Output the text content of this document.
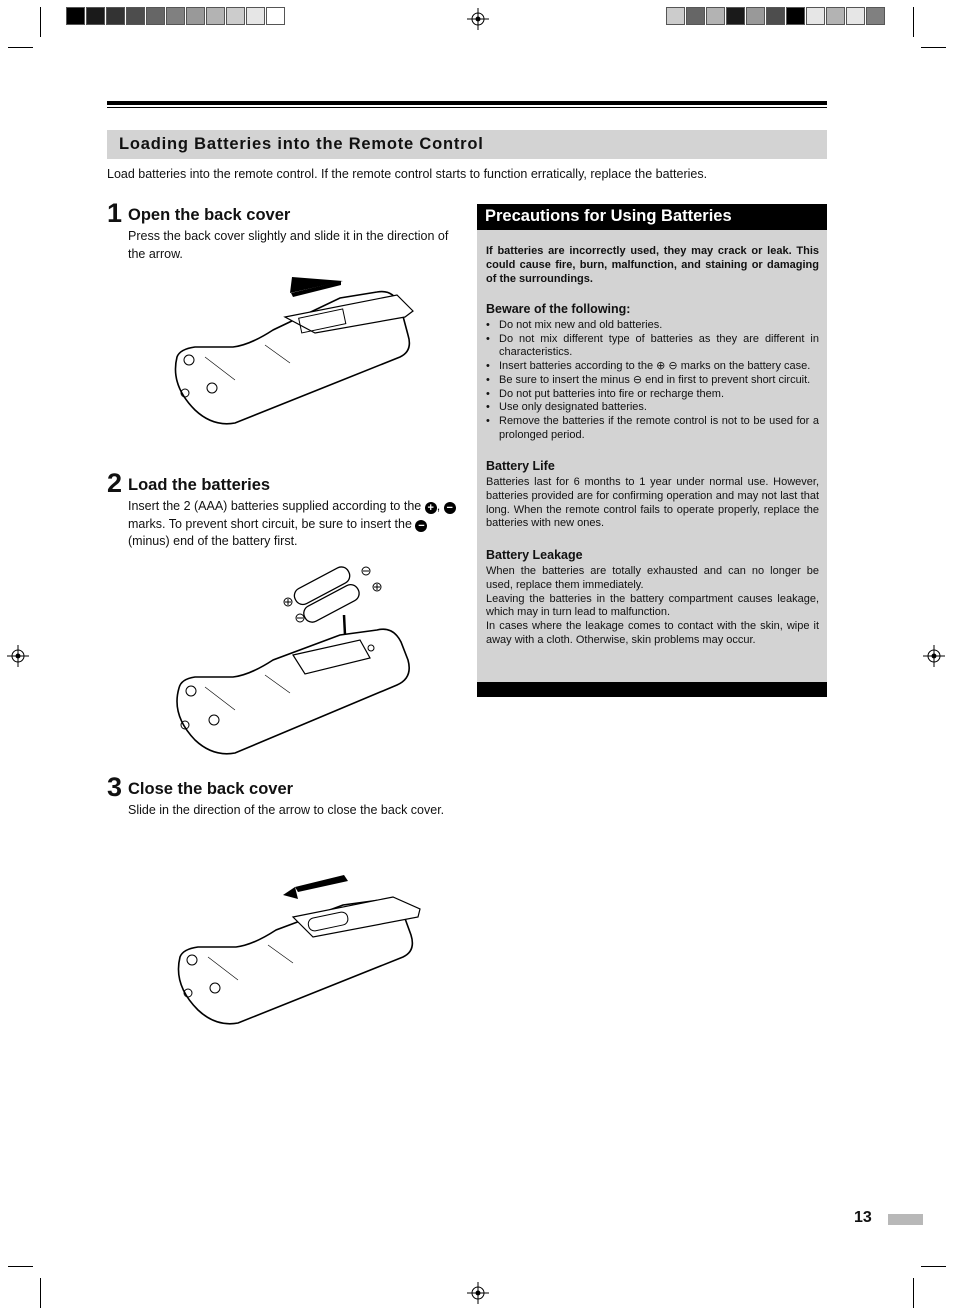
Loading Batteries into the Remote Control
Load batteries into the remote control. If the remote control starts to function erratically, replace the batteries.
1 Open the back cover
Press the back cover slightly and slide it in the direction of the arrow.
2 Load the batteries
Insert the 2 (AAA) batteries supplied according to the + , − marks. To prevent short circuit, be sure to insert the − (minus) end of the battery first.
3 Close the back cover
Slide in the direction of the arrow to close the back cover.
Precautions for Using Batteries
If batteries are incorrectly used, they may crack or leak. This could cause fire, burn, malfunction, and staining or damaging of the surroundings.
Beware of the following:
• Do not mix new and old batteries.
• Do not mix different type of batteries as they are different in characteristics.
• Insert batteries according to the ⊕ ⊖ marks on the battery case.
• Be sure to insert the minus ⊖ end in first to prevent short circuit.
• Do not put batteries into fire or recharge them.
• Use only designated batteries.
• Remove the batteries if the remote control is not to be used for a prolonged period.
Battery Life
Batteries last for 6 months to 1 year under normal use. However, batteries provided are for confirming operation and may not last that long. When the remote control fails to operate properly, replace the batteries with new ones.
Battery Leakage
When the batteries are totally exhausted and can no longer be used, replace them immediately.
Leaving the batteries in the battery compartment causes leakage, which may in turn lead to malfunction.
In cases where the leakage comes to contact with the skin, wipe it away with a cloth. Otherwise, skin problems may occur.
13
